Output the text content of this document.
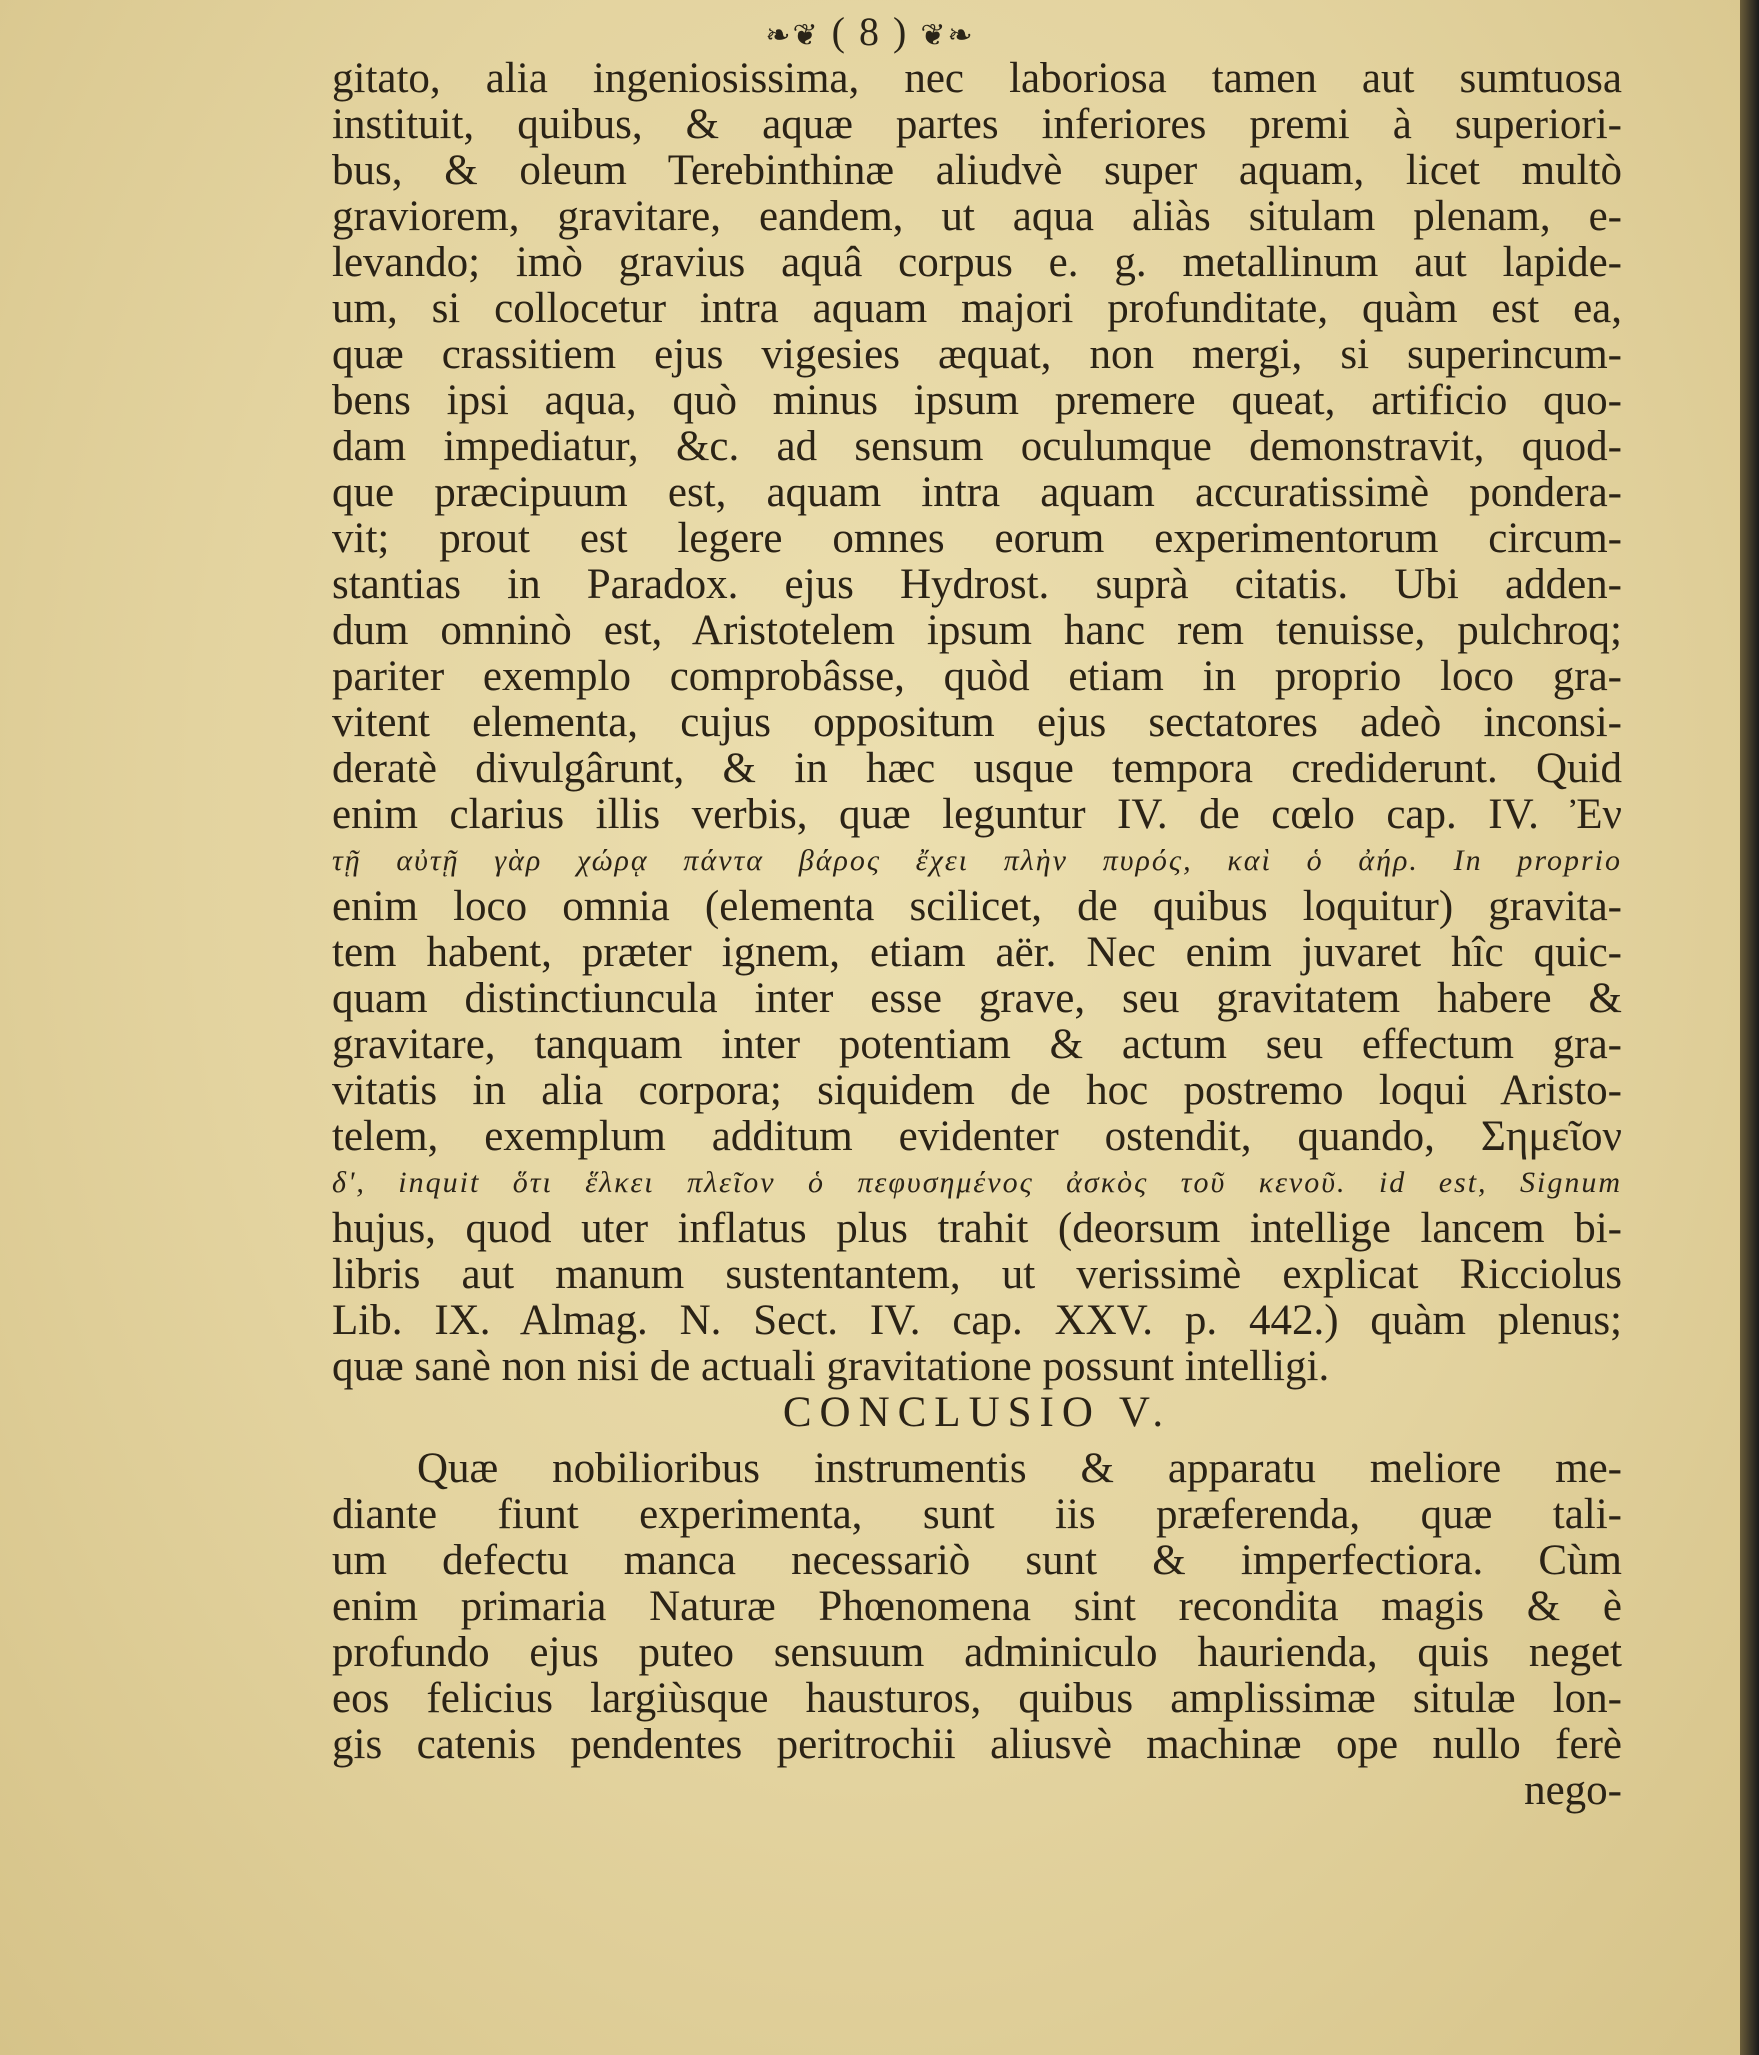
❧❦ ( 8 ) ❦❧
gitato, alia ingeniosissima, nec laboriosa tamen aut sumtuosa
instituit, quibus, & aquæ partes inferiores premi à superiori-
bus, & oleum Terebinthinæ aliudvè super aquam, licet multò
graviorem, gravitare, eandem, ut aqua aliàs situlam plenam, e-
levando; imò gravius aquâ corpus e. g. metallinum aut lapide-
um, si collocetur intra aquam majori profunditate, quàm est ea,
quæ crassitiem ejus vigesies æquat, non mergi, si superincum-
bens ipsi aqua, quò minus ipsum premere queat, artificio quo-
dam impediatur, &c. ad sensum oculumque demonstravit, quod-
que præcipuum est, aquam intra aquam accuratissimè pondera-
vit; prout est legere omnes eorum experimentorum circum-
stantias in Paradox. ejus Hydrost. suprà citatis. Ubi adden-
dum omninò est, Aristotelem ipsum hanc rem tenuisse, pulchroq;
pariter exemplo comprobâsse, quòd etiam in proprio loco gra-
vitent elementa, cujus oppositum ejus sectatores adeò inconsi-
deratè divulgârunt, & in hæc usque tempora crediderunt. Quid
enim clarius illis verbis, quæ leguntur IV. de cœlo cap. IV. Ἐν
τῇ αὐτῇ γὰρ χώρᾳ πάντα βάρος ἔχει πλὴν πυρός, καὶ ὁ ἀήρ. In proprio
enim loco omnia (elementa scilicet, de quibus loquitur) gravita-
tem habent, præter ignem, etiam aër. Nec enim juvaret hîc quic-
quam distinctiuncula inter esse grave, seu gravitatem habere &
gravitare, tanquam inter potentiam & actum seu effectum gra-
vitatis in alia corpora; siquidem de hoc postremo loqui Aristo-
telem, exemplum additum evidenter ostendit, quando, Σημεῖον
δ', inquit ὅτι ἕλκει πλεῖον ὁ πεφυσημένος ἀσκὸς τοῦ κενοῦ. id est, Signum
hujus, quod uter inflatus plus trahit (deorsum intellige lancem bi-
libris aut manum sustentantem, ut verissimè explicat Ricciolus
Lib. IX. Almag. N. Sect. IV. cap. XXV. p. 442.) quàm plenus;
quæ sanè non nisi de actuali gravitatione possunt intelligi.
CONCLUSIO V.
Quæ nobilioribus instrumentis & apparatu meliore me-
diante fiunt experimenta, sunt iis præferenda, quæ tali-
um defectu manca necessariò sunt & imperfectiora. Cùm
enim primaria Naturæ Phœnomena sint recondita magis & è
profundo ejus puteo sensuum adminiculo haurienda, quis neget
eos felicius largiùsque hausturos, quibus amplissimæ situlæ lon-
gis catenis pendentes peritrochii aliusvè machinæ ope nullo ferè
nego-
